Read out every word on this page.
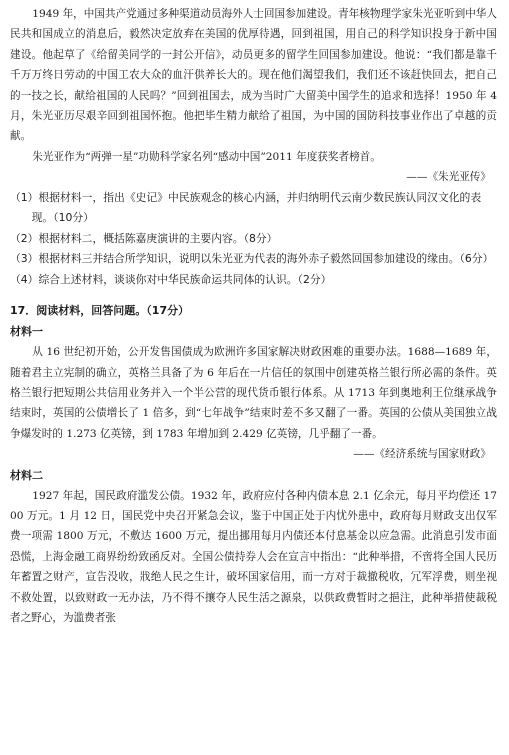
1949 年，中国共产党通过多种渠道动员海外人士回国参加建设。青年核物理学家朱光亚听到中华人民共和国成立的消息后，毅然决定放弃在美国的优厚待遇，回到祖国，用自己的科学知识投身于新中国建设。他起草了《给留美同学的一封公开信》，动员更多的留学生回国参加建设。他说：“我们都是靠千千万万终日劳动的中国工农大众的血汗供养长大的。现在他们渴望我们，我们还不该赶快回去，把自己的一技之长，献给祖国的人民吗？”回到祖国去，成为当时广大留美中国学生的追求和选择！1950 年 4 月，朱光亚历尽艰辛回到祖国怀抱。他把毕生精力献给了祖国，为中国的国防科技事业作出了卓越的贡献。

朱光亚作为“两弹一星”功勋科学家名列“感动中国”2011 年度获奖者榜首。

——《朱光亚传》

（1）根据材料一，指出《史记》中民族观念的核心内涵，并归纳明代云南少数民族认同汉文化的表现。（10分）

（2）根据材料二，概括陈嘉庚演讲的主要内容。（8分）

（3）根据材料三并结合所学知识，说明以朱光亚为代表的海外赤子毅然回国参加建设的缘由。（6分）

（4）综合上述材料，谈谈你对中华民族命运共同体的认识。（2分）

17．阅读材料，回答问题。（17分）

材料一

从 16 世纪初开始，公开发售国债成为欧洲许多国家解决财政困难的重要办法。1688—1689 年，随着君主立宪制的确立，英格兰具备了为 6 年后在一片信任的氛围中创建英格兰银行所必需的条件。英格兰银行把短期公共信用业务并入一个半公营的现代货币银行体系。从 1713 年到奥地利王位继承战争结束时，英国的公债增长了 1 倍多，到“七年战争”结束时差不多又翻了一番。英国的公债从美国独立战争爆发时的 1.273 亿英镑，到 1783 年增加到 2.429 亿英镑，几乎翻了一番。

——《经济系统与国家财政》

材料二

1927 年起，国民政府滥发公债。1932 年，政府应付各种内债本息 2.1 亿余元，每月平均偿还 1700 万元。1 月 12 日，国民党中央召开紧急会议，鉴于中国正处于内忧外患中，政府每月财政支出仅军费一项需 1800 万元，不敷达 1600 万元，提出挪用每月内债还本付息基金以应急需。此消息引发市面恐慌，上海金融工商界纷纷致函反对。全国公债持券人会在宣言中指出：“此种举措，不啻将全国人民历年蓄置之财产，宣告没收，戕绝人民之生计，破坏国家信用，而一方对于裁撤税收，冗军浮费，则坐视不救处置，以致财政一无办法，乃不得不攘夺人民生活之源泉，以供政费暂时之挹注，此种举措使裁税者之野心，为滥费者张
